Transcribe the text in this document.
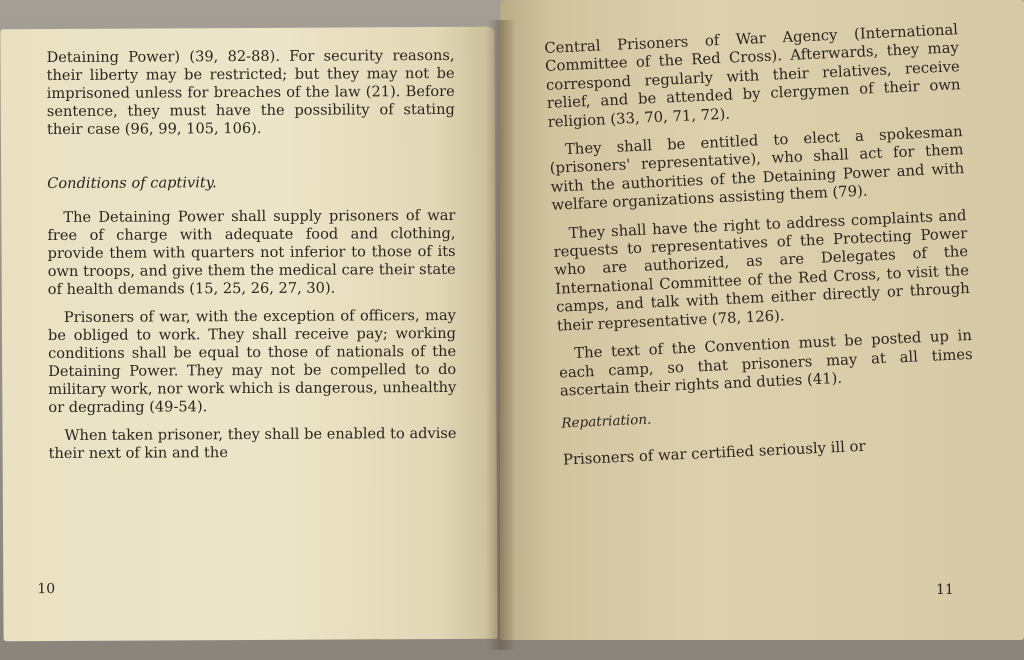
Detaining Power) (39, 82-88). For security reasons, their liberty may be restricted; but they may not be imprisoned unless for breaches of the law (21). Before sentence, they must have the possibility of stating their case (96, 99, 105, 106).

Conditions of captivity.

The Detaining Power shall supply prisoners of war free of charge with adequate food and clothing, provide them with quarters not inferior to those of its own troops, and give them the medical care their state of health demands (15, 25, 26, 27, 30).

Prisoners of war, with the exception of officers, may be obliged to work. They shall receive pay; working conditions shall be equal to those of nationals of the Detaining Power. They may not be compelled to do military work, nor work which is dangerous, unhealthy or degrading (49-54).

When taken prisoner, they shall be enabled to advise their next of kin and the

10

Central Prisoners of War Agency (International Committee of the Red Cross). Afterwards, they may correspond regularly with their relatives, receive relief, and be attended by clergymen of their own religion (33, 70, 71, 72).

They shall be entitled to elect a spokesman (prisoners' representative), who shall act for them with the authorities of the Detaining Power and with welfare organizations assisting them (79).

They shall have the right to address complaints and requests to representatives of the Protecting Power who are authorized, as are Delegates of the International Committee of the Red Cross, to visit the camps, and talk with them either directly or through their representative (78, 126).

The text of the Convention must be posted up in each camp, so that prisoners may at all times ascertain their rights and duties (41).

Repatriation.

Prisoners of war certified seriously ill or

11
